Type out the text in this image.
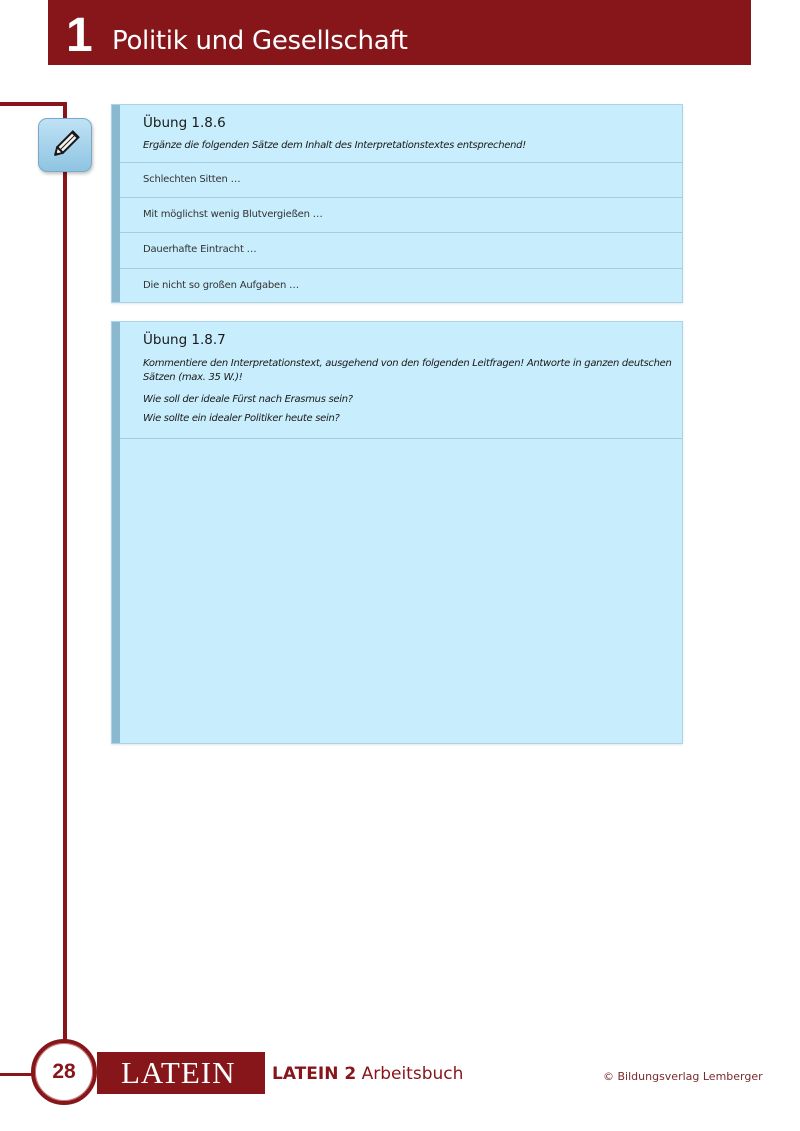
1 Politik und Gesellschaft
Übung 1.8.6
Ergänze die folgenden Sätze dem Inhalt des Interpretationstextes entsprechend!
Schlechten Sitten …
Mit möglichst wenig Blutvergießen …
Dauerhafte Eintracht …
Die nicht so großen Aufgaben …
Übung 1.8.7
Kommentiere den Interpretationstext, ausgehend von den folgenden Leitfragen! Antworte in ganzen deutschen Sätzen (max. 35 W.)!
Wie soll der ideale Fürst nach Erasmus sein?
Wie sollte ein idealer Politiker heute sein?
LATEIN
28	LATEIN 2 Arbeitsbuch	© Bildungsverlag Lemberger
